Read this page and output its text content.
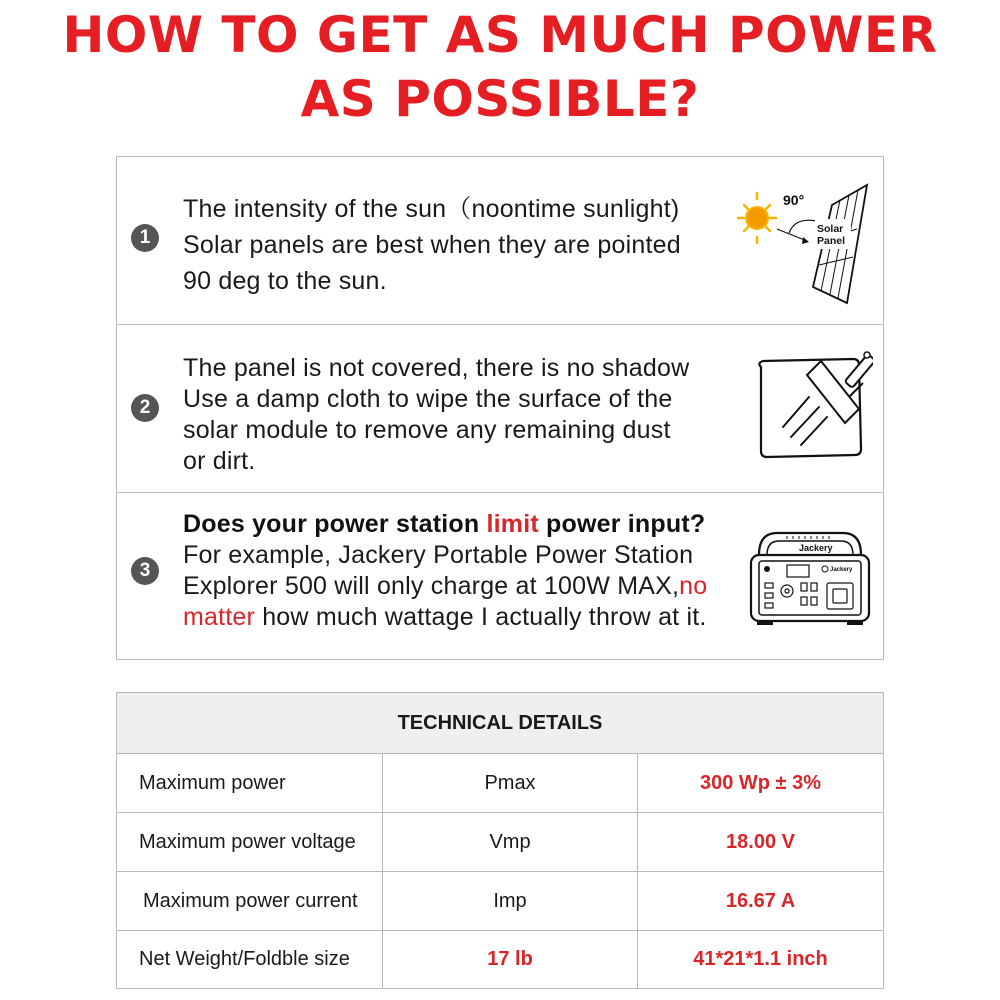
HOW TO GET AS MUCH POWER
AS POSSIBLE?
1
The intensity of the sun（noontime sunlight)
Solar panels are best when they are pointed
90 deg to the sun.
90°
Solar
Panel
2
The panel is not covered, there is no shadow
Use a damp cloth to wipe the surface of the
solar module to remove any remaining dust
or dirt.
3
Does your power station limit power input?
For example, Jackery Portable Power Station
Explorer 500 will only charge at 100W MAX,no
matter how much wattage I actually throw at it.
Jackery
Jackery
TECHNICAL DETAILS
Maximum power	Pmax	300 Wp ± 3%
Maximum power voltage	Vmp	18.00 V
Maximum power current	Imp	16.67 A
Net Weight/Foldble size	17 lb	41*21*1.1 inch
